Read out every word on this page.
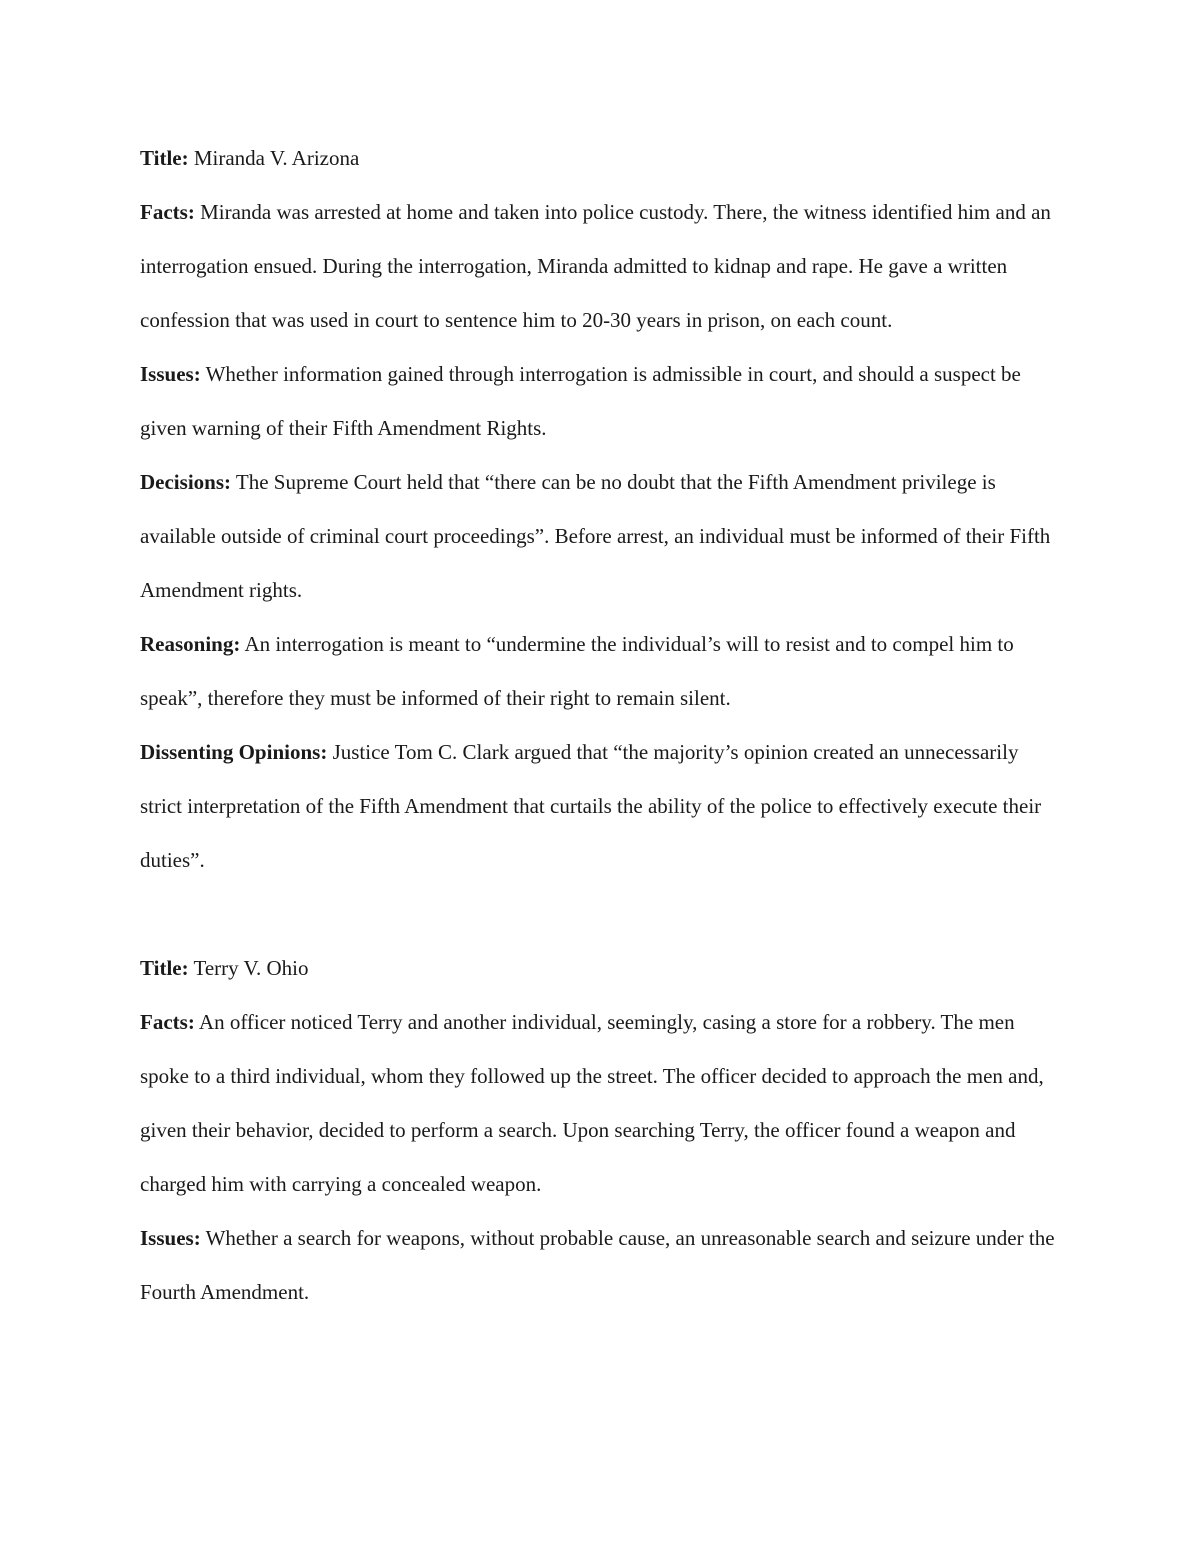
Title: Miranda V. Arizona

Facts: Miranda was arrested at home and taken into police custody. There, the witness identified him and an interrogation ensued. During the interrogation, Miranda admitted to kidnap and rape. He gave a written confession that was used in court to sentence him to 20-30 years in prison, on each count.

Issues: Whether information gained through interrogation is admissible in court, and should a suspect be given warning of their Fifth Amendment Rights.

Decisions: The Supreme Court held that “there can be no doubt that the Fifth Amendment privilege is available outside of criminal court proceedings”. Before arrest, an individual must be informed of their Fifth Amendment rights.

Reasoning: An interrogation is meant to “undermine the individual’s will to resist and to compel him to speak”, therefore they must be informed of their right to remain silent.

Dissenting Opinions: Justice Tom C. Clark argued that “the majority’s opinion created an unnecessarily strict interpretation of the Fifth Amendment that curtails the ability of the police to effectively execute their duties”.

Title: Terry V. Ohio

Facts: An officer noticed Terry and another individual, seemingly, casing a store for a robbery. The men spoke to a third individual, whom they followed up the street. The officer decided to approach the men and, given their behavior, decided to perform a search. Upon searching Terry, the officer found a weapon and charged him with carrying a concealed weapon.

Issues: Whether a search for weapons, without probable cause, an unreasonable search and seizure under the Fourth Amendment.
